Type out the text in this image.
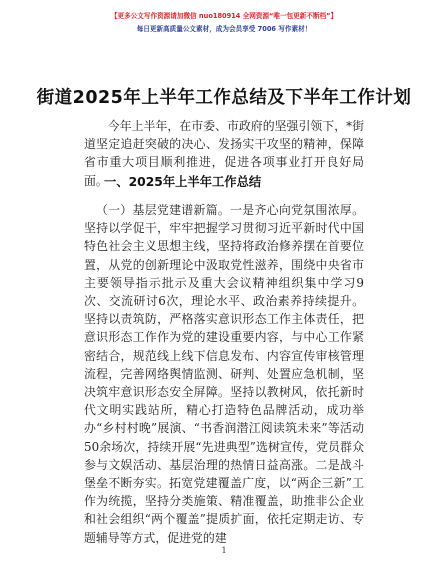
【更多公文写作资源请加微信 nuo180914 全网资源“唯一包更新不断档”】
每日更新高质量公文素材，成为会员享受 7006 写作素材！
街道2025年上半年工作总结及下半年工作计划

今年上半年，在市委、市政府的坚强引领下，*街道坚定追赶突破的决心、发扬实干攻坚的精神，保障省市重大项目顺利推进，促进各项事业打开良好局面。

一、2025年上半年工作总结

（一）基层党建谱新篇。一是齐心向党氛围浓厚。坚持以学促干，牢牢把握学习贯彻习近平新时代中国特色社会主义思想主线，坚持将政治修养摆在首要位置，从党的创新理论中汲取党性滋养，围绕中央省市主要领导指示批示及重大会议精神组织集中学习9次、交流研讨6次，理论水平、政治素养持续提升。坚持以责筑防，严格落实意识形态工作主体责任，把意识形态工作作为党的建设重要内容，与中心工作紧密结合，规范线上线下信息发布、内容宣传审核管理流程，完善网络舆情监测、研判、处置应急机制，坚决筑牢意识形态安全屏障。坚持以教树风，依托新时代文明实践站所，精心打造特色品牌活动，成功举办“乡村村晚”展演、“书香润潜江阅读筑未来”等活动50余场次，持续开展“先进典型”选树宣传，党员群众参与文娱活动、基层治理的热情日益高涨。二是战斗堡垒不断夯实。拓宽党建覆盖广度，以“两企三新”工作为统揽，坚持分类施策、精准覆盖，助推非公企业和社会组织“两个覆盖”提质扩面，依托定期走访、专题辅导等方式，促进党的建

1
